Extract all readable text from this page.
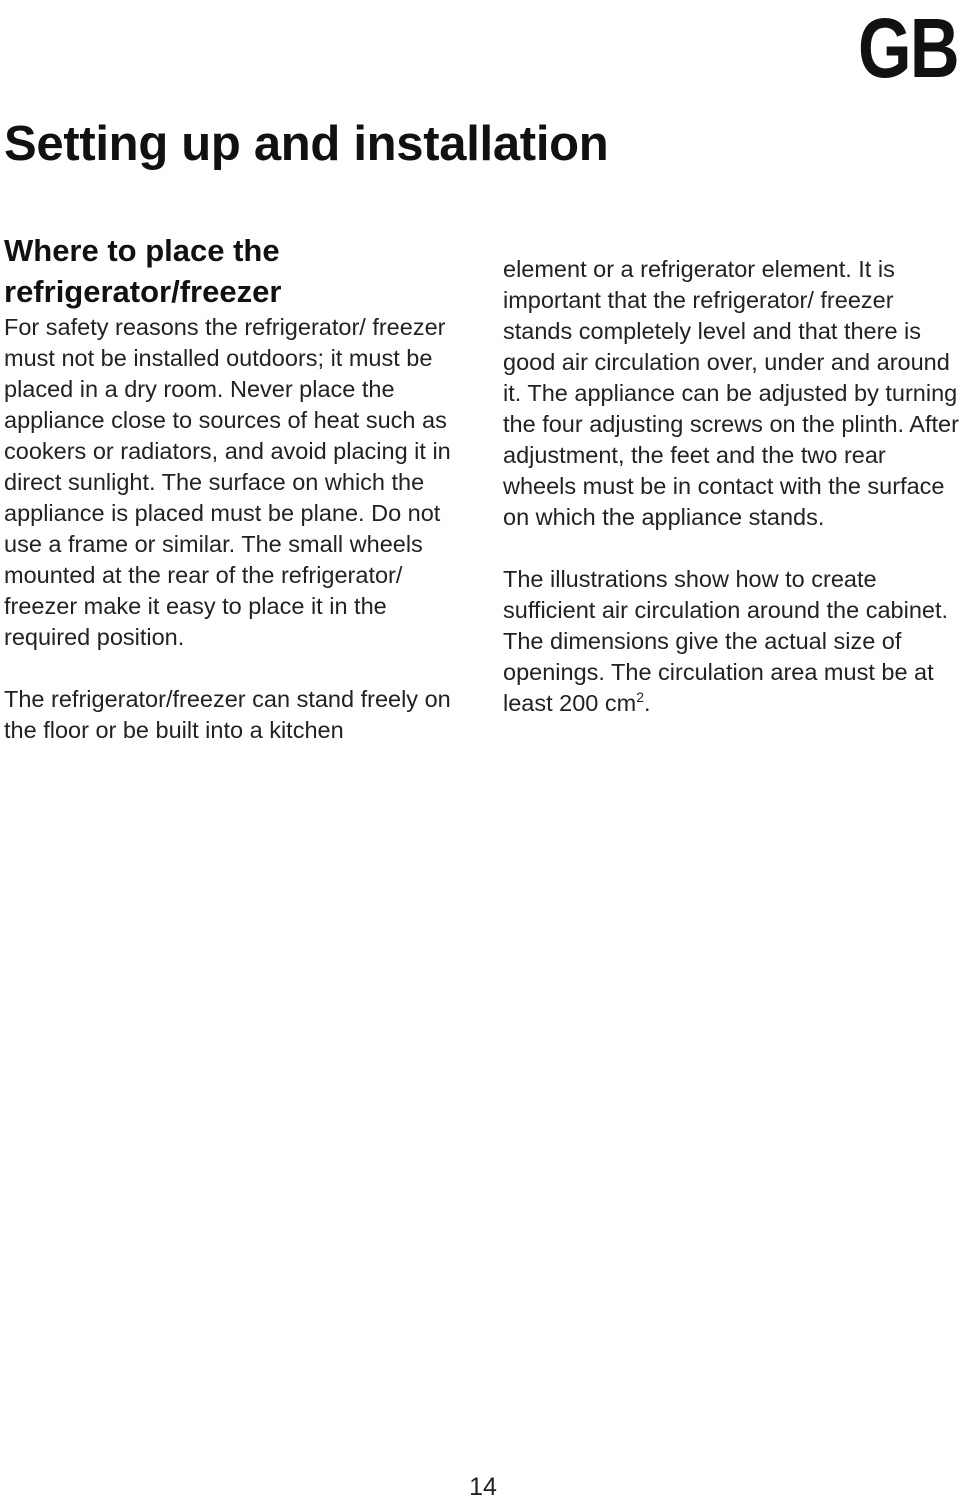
GB
Setting up and installation
Where to place the refrigerator/freezer

For safety reasons the refrigerator/ freezer must not be installed outdoors; it must be placed in a dry room. Never place the appliance close to sources of heat such as cookers or radiators, and avoid placing it in direct sunlight. The surface on which the appliance is placed must be plane. Do not use a frame or similar. The small wheels mounted at the rear of the refrigerator/ freezer make it easy to place it in the required position.

The refrigerator/freezer can stand freely on the floor or be built into a kitchen

element or a refrigerator element. It is important that the refrigerator/ freezer stands completely level and that there is good air circulation over, under and around it. The appliance can be adjusted by turning the four adjusting screws on the plinth. After adjustment, the feet and the two rear wheels must be in contact with the surface on which the appliance stands.

The illustrations show how to create sufficient air circulation around the cabinet. The dimensions give the actual size of openings. The circulation area must be at least 200 $cm^2$.

14
